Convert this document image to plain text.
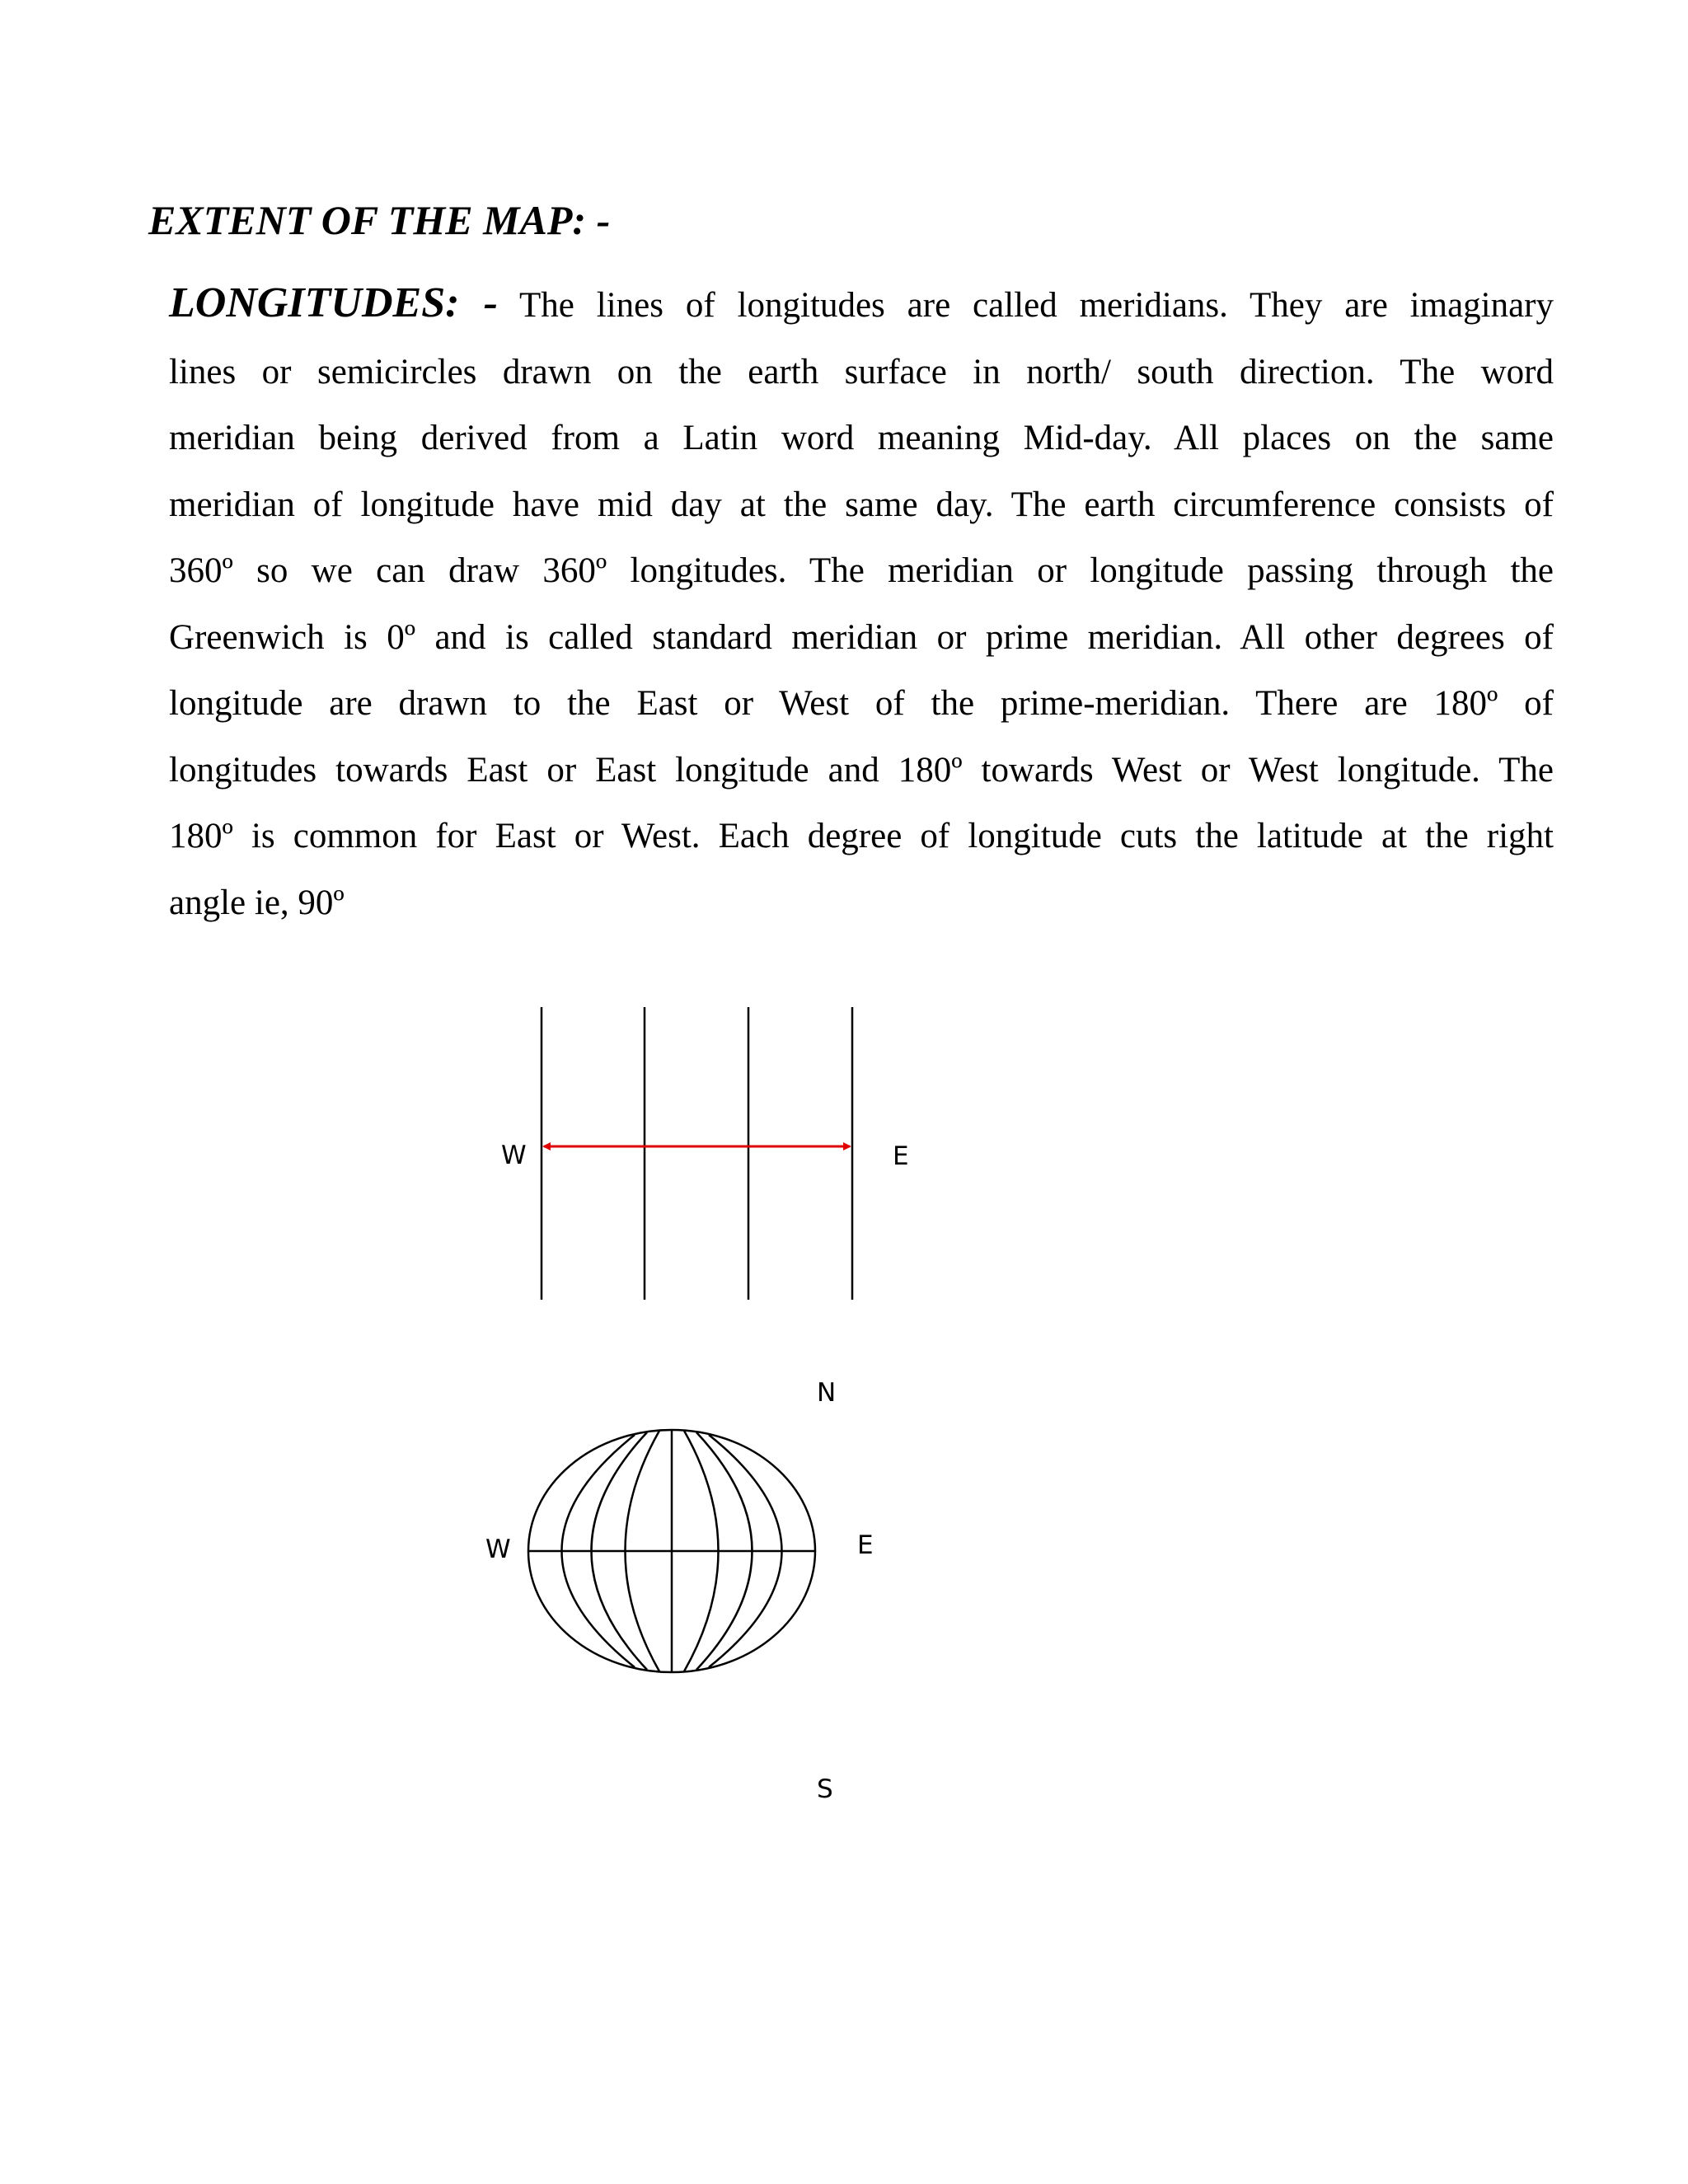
EXTENT OF THE MAP: -

LONGITUDES: - The lines of longitudes are called meridians. They are imaginary
lines or semicircles drawn on the earth surface in north/ south direction. The word
meridian being derived from a Latin word meaning Mid-day. All places on the same
meridian of longitude have mid day at the same day. The earth circumference consists of
360º so we can draw 360º longitudes. The meridian or longitude passing through the
Greenwich is 0º and is called standard meridian or prime meridian. All other degrees of
longitude are drawn to the East or West of the prime-meridian. There are 180º of
longitudes towards East or East longitude and 180º towards West or West longitude. The
180º is common for East or West. Each degree of longitude cuts the latitude at the right
angle ie, 90º

W	E
N
S
W	E
